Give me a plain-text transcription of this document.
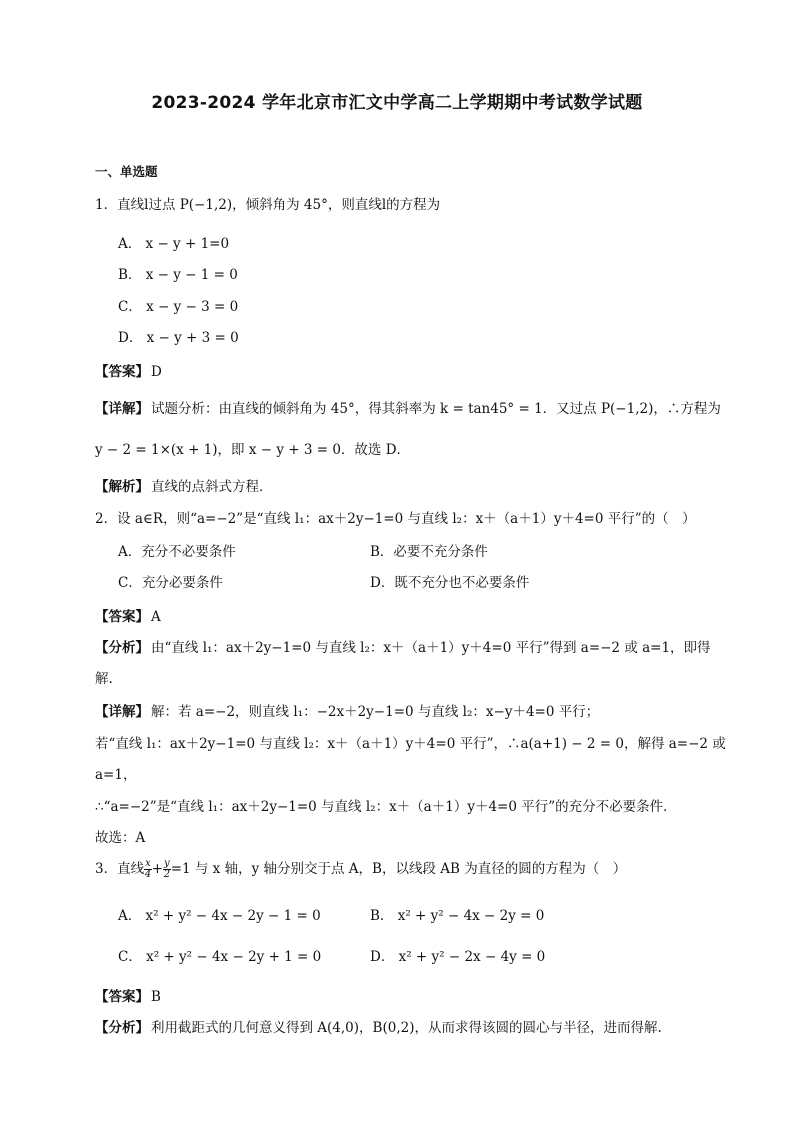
2023-2024 学年北京市汇文中学高二上学期期中考试数学试题
一、单选题
1．直线l过点 P(−1,2)，倾斜角为 45°，则直线l的方程为
A． x − y + 1=0
B． x − y − 1 = 0
C． x − y − 3 = 0
D． x − y + 3 = 0
【答案】 D
【详解】 试题分析：由直线的倾斜角为 45°，得其斜率为 k = tan45° = 1．又过点 P(−1,2)，∴方程为
y − 2 = 1×(x + 1)，即 x − y + 3 = 0．故选 D．
【解析】 直线的点斜式方程．
2．设 a∈R，则“a=−2”是“直线 l₁：ax＋2y−1=0 与直线 l₂：x＋（a＋1）y＋4=0 平行”的（　）
A．充分不必要条件	B．必要不充分条件
C．充分必要条件	D．既不充分也不必要条件
【答案】 A
【分析】 由“直线 l₁：ax＋2y−1=0 与直线 l₂：x＋（a＋1）y＋4=0 平行”得到 a=−2 或 a=1，即得
解.
【详解】 解：若 a=−2，则直线 l₁：−2x＋2y−1=0 与直线 l₂：x−y＋4=0 平行；
若“直线 l₁：ax＋2y−1=0 与直线 l₂：x＋（a＋1）y＋4=0 平行”，∴a(a+1) − 2 = 0，解得 a=−2 或
a=1，
∴“a=−2”是“直线 l₁：ax＋2y−1=0 与直线 l₂：x＋（a＋1）y＋4=0 平行”的充分不必要条件．
故选：A
3．直线 $\frac{x}{4} + \frac{y}{2} =1$ 与 x 轴，y 轴分别交于点 A，B，以线段 AB 为直径的圆的方程为（　）
A． x² + y² − 4x − 2y − 1 = 0	B． x² + y² − 4x − 2y = 0
C． x² + y² − 4x − 2y + 1 = 0	D． x² + y² − 2x − 4y = 0
【答案】 B
【分析】 利用截距式的几何意义得到 A(4,0)，B(0,2)，从而求得该圆的圆心与半径，进而得解.
